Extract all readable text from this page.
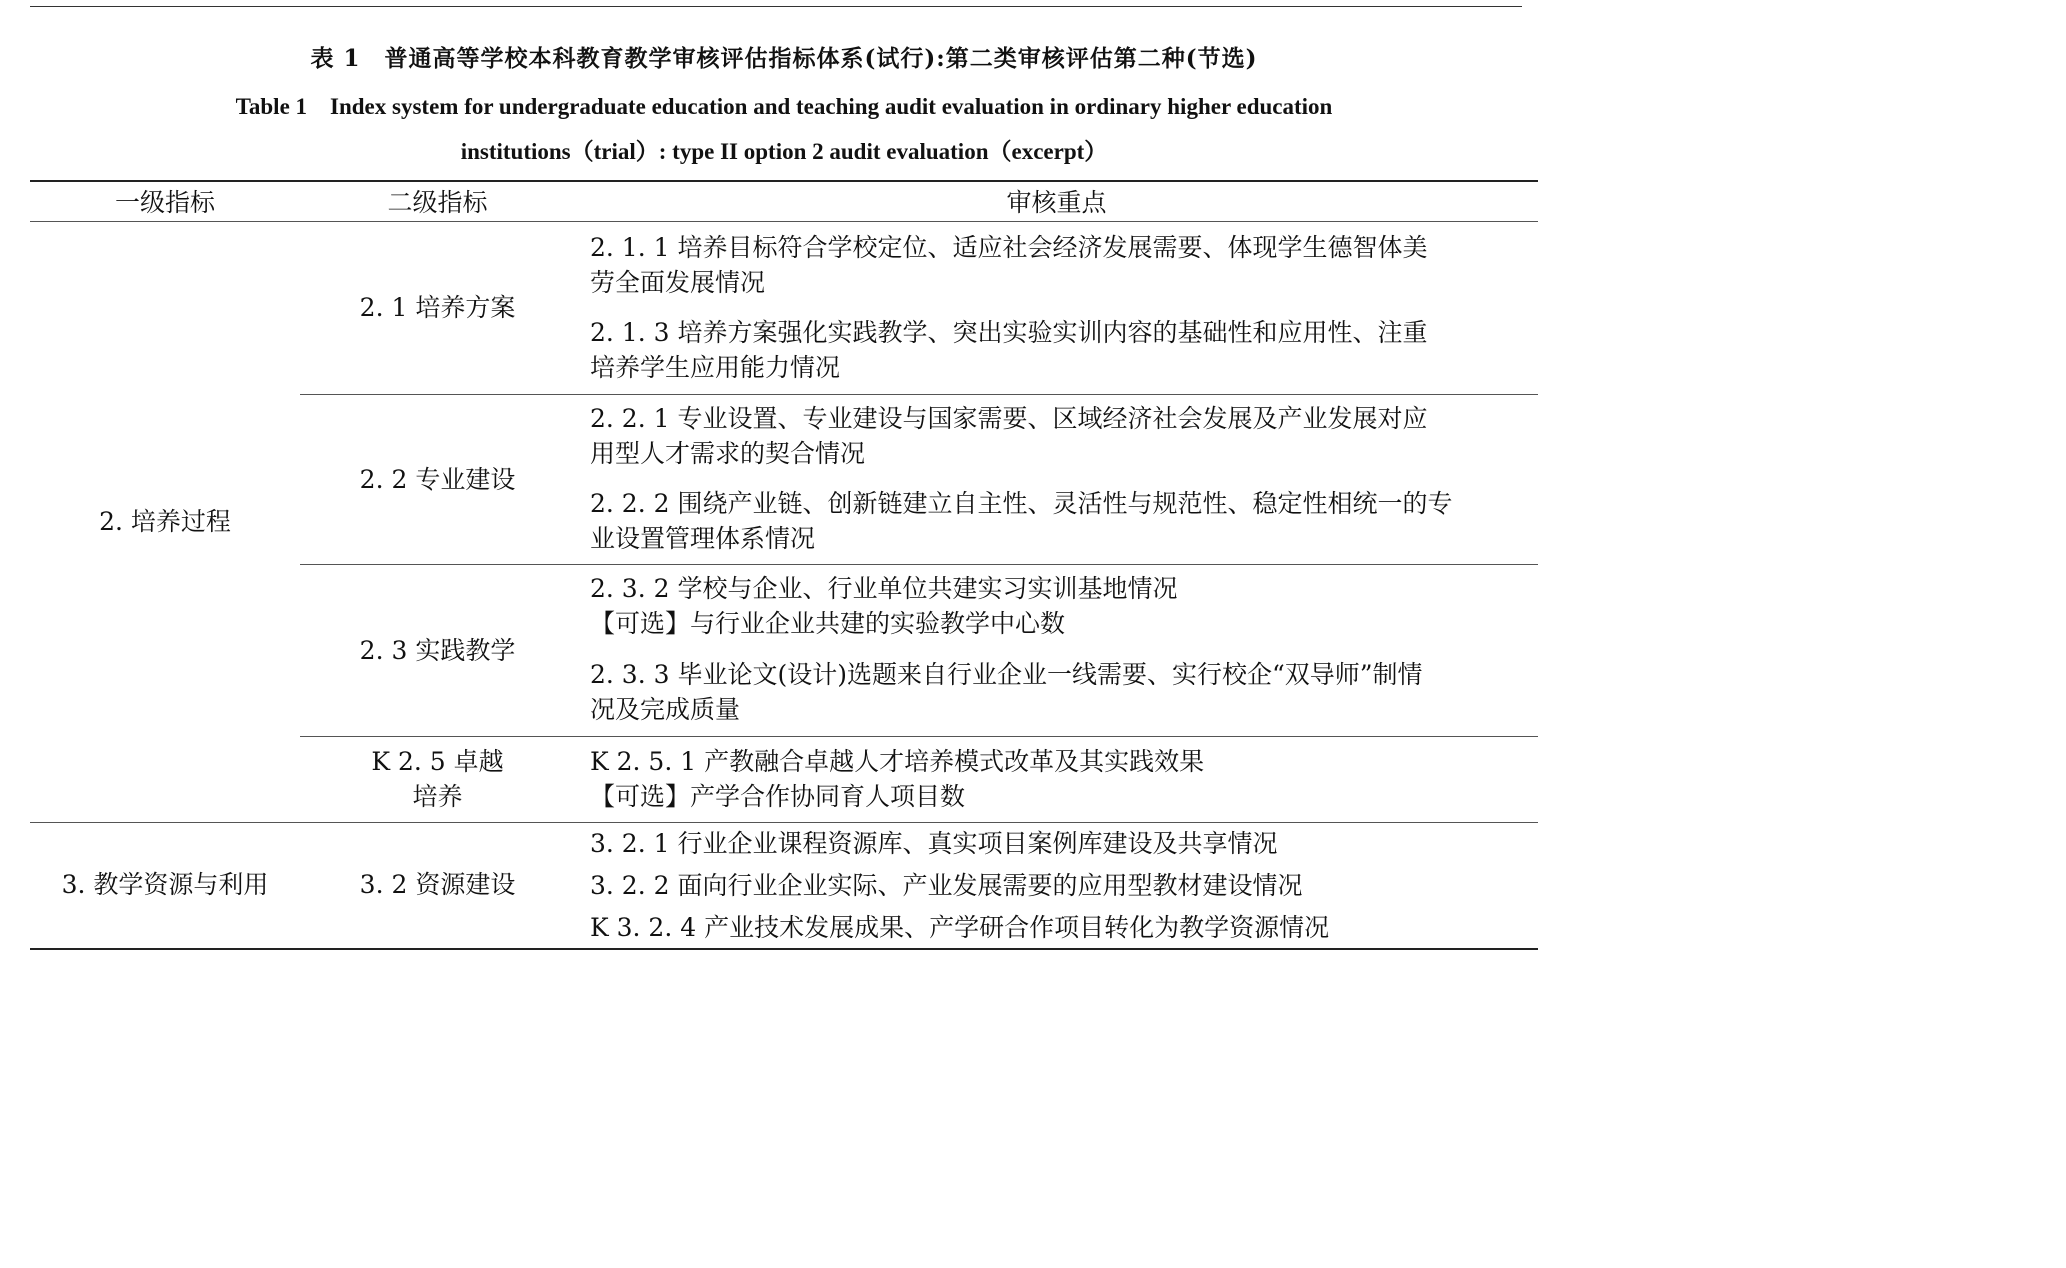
表 1　普通高等学校本科教育教学审核评估指标体系(试行):第二类审核评估第二种(节选)
Table 1　Index system for undergraduate education and teaching audit evaluation in ordinary higher education
institutions（trial）: type II option 2 audit evaluation（excerpt）
一级指标	二级指标	审核重点
2. 培养过程
3. 教学资源与利用
2. 1 培养方案
2. 2 专业建设
2. 3 实践教学
K 2. 5 卓越
培养
3. 2 资源建设
2. 1. 1 培养目标符合学校定位、适应社会经济发展需要、体现学生德智体美
劳全面发展情况
2. 1. 3 培养方案强化实践教学、突出实验实训内容的基础性和应用性、注重
培养学生应用能力情况
2. 2. 1 专业设置、专业建设与国家需要、区域经济社会发展及产业发展对应
用型人才需求的契合情况
2. 2. 2 围绕产业链、创新链建立自主性、灵活性与规范性、稳定性相统一的专
业设置管理体系情况
2. 3. 2 学校与企业、行业单位共建实习实训基地情况
【可选】与行业企业共建的实验教学中心数
2. 3. 3 毕业论文(设计)选题来自行业企业一线需要、实行校企“双导师”制情
况及完成质量
K 2. 5. 1 产教融合卓越人才培养模式改革及其实践效果
【可选】产学合作协同育人项目数
3. 2. 1 行业企业课程资源库、真实项目案例库建设及共享情况
3. 2. 2 面向行业企业实际、产业发展需要的应用型教材建设情况
K 3. 2. 4 产业技术发展成果、产学研合作项目转化为教学资源情况
